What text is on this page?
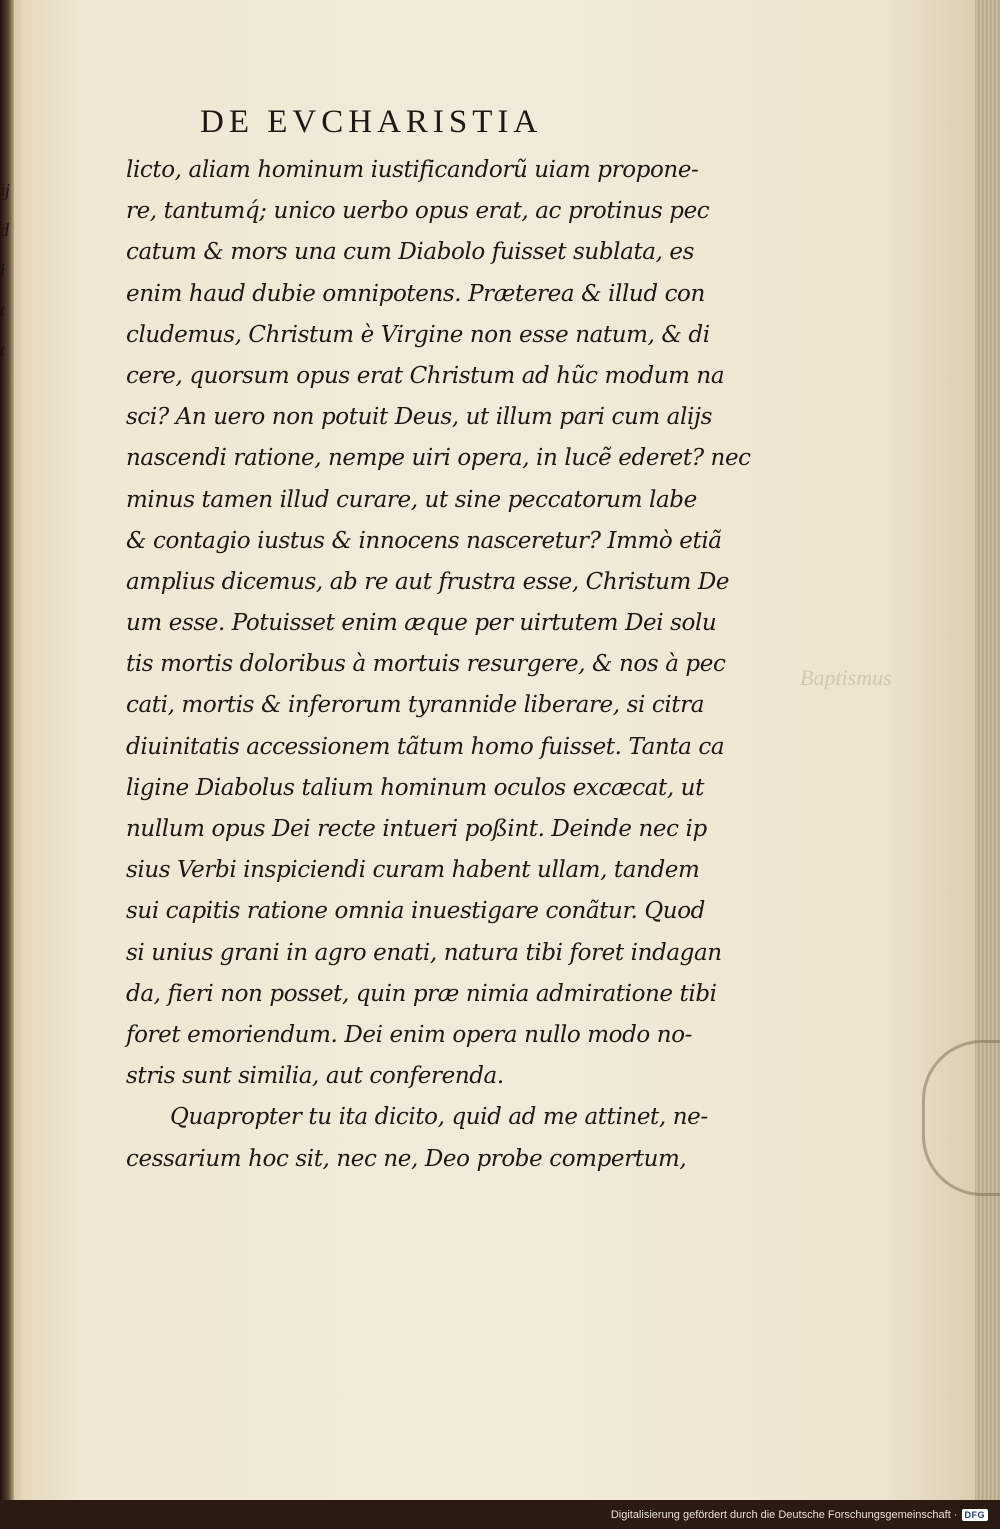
ij
d
i
t
t
Baptismus
DE EVCHARISTIA
licto, aliam hominum iustificandorũ uiam propone-
re, tantumq́; unico uerbo opus erat, ac protinus pec
catum & mors una cum Diabolo fuisset sublata, es
enim haud dubie omnipotens. Præterea & illud con
cludemus, Christum è Virgine non esse natum, & di
cere, quorsum opus erat Christum ad hũc modum na
sci? An uero non potuit Deus, ut illum pari cum alijs
nascendi ratione, nempe uiri opera, in lucẽ ederet? nec
minus tamen illud curare, ut sine peccatorum labe
& contagio iustus & innocens nasceretur? Immò etiã
amplius dicemus, ab re aut frustra esse, Christum De
um esse. Potuisset enim æque per uirtutem Dei solu
tis mortis doloribus à mortuis resurgere, & nos à pec
cati, mortis & inferorum tyrannide liberare, si citra
diuinitatis accessionem tãtum homo fuisset. Tanta ca
ligine Diabolus talium hominum oculos excæcat, ut
nullum opus Dei recte intueri poßint. Deinde nec ip
sius Verbi inspiciendi curam habent ullam, tandem
sui capitis ratione omnia inuestigare conãtur. Quod
si unius grani in agro enati, natura tibi foret indagan
da, fieri non posset, quin præ nimia admiratione tibi
foret emoriendum. Dei enim opera nullo modo no-
stris sunt similia, aut conferenda.
Quapropter tu ita dicito, quid ad me attinet, ne-
cessarium hoc sit, nec ne, Deo probe compertum,
Digitalisierung gefördert durch die Deutsche Forschungsgemeinschaft · DFG
